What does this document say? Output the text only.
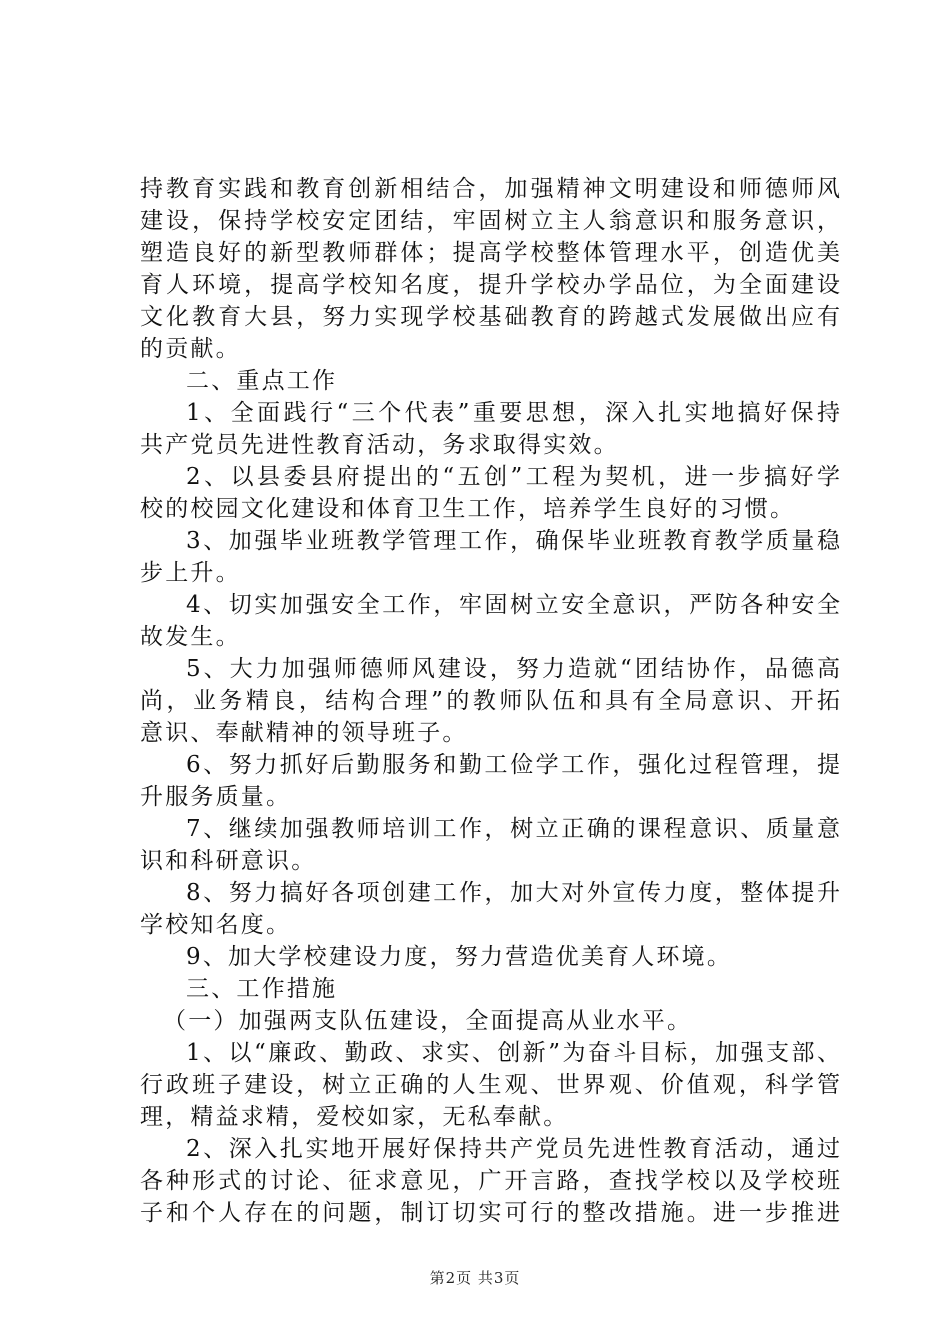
持教育实践和教育创新相结合，加强精神文明建设和师德师风
建设，保持学校安定团结，牢固树立主人翁意识和服务意识，
塑造良好的新型教师群体；提高学校整体管理水平，创造优美
育人环境，提高学校知名度，提升学校办学品位，为全面建设
文化教育大县，努力实现学校基础教育的跨越式发展做出应有
的贡献。
二、重点工作
1、全面践行“三个代表”重要思想，深入扎实地搞好保持
共产党员先进性教育活动，务求取得实效。
2、以县委县府提出的“五创”工程为契机，进一步搞好学
校的校园文化建设和体育卫生工作，培养学生良好的习惯。
3、加强毕业班教学管理工作，确保毕业班教育教学质量稳
步上升。
4、切实加强安全工作，牢固树立安全意识，严防各种安全
故发生。
5、大力加强师德师风建设，努力造就“团结协作，品德高
尚，业务精良，结构合理”的教师队伍和具有全局意识、开拓
意识、奉献精神的领导班子。
6、努力抓好后勤服务和勤工俭学工作，强化过程管理，提
升服务质量。
7、继续加强教师培训工作，树立正确的课程意识、质量意
识和科研意识。
8、努力搞好各项创建工作，加大对外宣传力度，整体提升
学校知名度。
9、加大学校建设力度，努力营造优美育人环境。
三、工作措施
（一）加强两支队伍建设，全面提高从业水平。
1、以“廉政、勤政、求实、创新”为奋斗目标，加强支部、
行政班子建设，树立正确的人生观、世界观、价值观，科学管
理，精益求精，爱校如家，无私奉献。
2、深入扎实地开展好保持共产党员先进性教育活动，通过
各种形式的讨论、征求意见，广开言路，查找学校以及学校班
子和个人存在的问题，制订切实可行的整改措施。进一步推进
第2页 共3页
